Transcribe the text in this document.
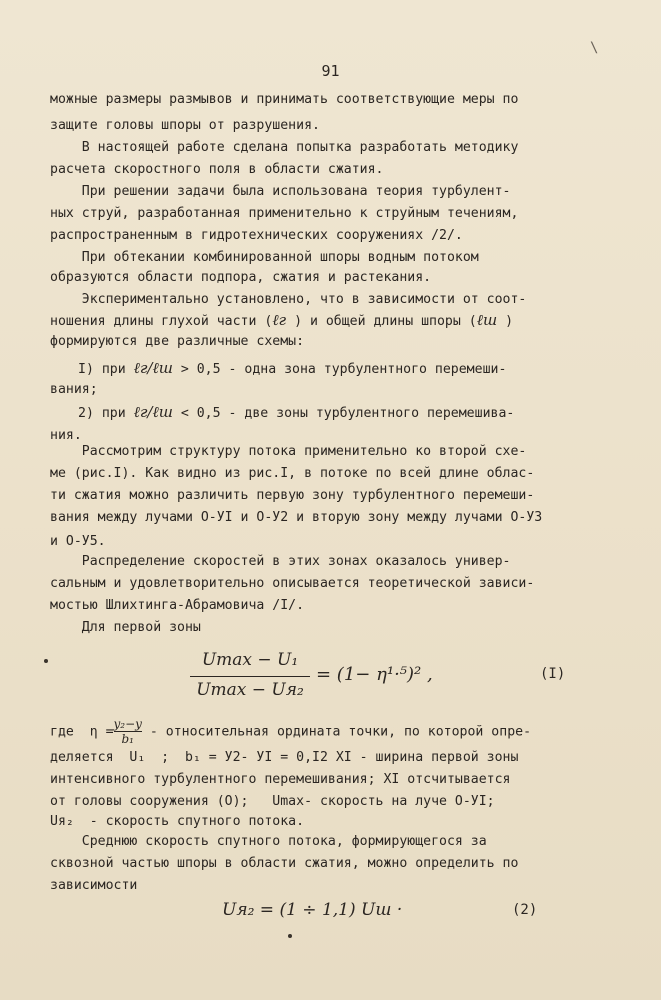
91
\
можные размеры размывов и принимать соответствующие меры по
защите головы шпоры от разрушения.
В настоящей работе сделана попытка разработать методику
расчета скоростного поля в области сжатия.
При решении задачи была использована теория турбулент-
ных струй, разработанная применительно к струйным течениям,
распространенным в гидротехнических сооружениях /2/.
При обтекании комбинированной шпоры водным потоком
образуются области подпора, сжатия и растекания.
Экспериментально установлено, что в зависимости от соот-
ношения длины глухой части (ℓг ) и общей длины шпоры (ℓш )
формируются две различные схемы:
I) при ℓг/ℓш > 0,5 - одна зона турбулентного перемеши-
вания;
2) при ℓг/ℓш < 0,5 - две зоны турбулентного перемешива-
ния.
Рассмотрим структуру потока применительно ко второй схе-
ме (рис.I). Как видно из рис.I, в потоке по всей длине облас-
ти сжатия можно различить первую зону турбулентного перемеши-
вания между лучами О-УI и О-У2 и вторую зону между лучами О-У3
и О-У5.
Распределение скоростей в этих зонах оказалось универ-
сальным и удовлетворительно описывается теоретической зависи-
мостью Шлихтинга-Абрамовича /I/.
Для первой зоны
Umax − U₁
Umax − Uя₂
= (1− η¹·⁵)² ,	(I)
где  $\eta =\frac{\text{y₂−y}}{\text{b₁}}$ - относительная ордината точки, по которой опре-
деляется  U₁  ;  b₁ = У2- УI = 0,I2 XI - ширина первой зоны
интенсивного турбулентного перемешивания; XI отсчитывается
от головы сооружения (О);   Umax- скорость на луче О-УI;
Uя₂  - скорость спутного потока.
Среднюю скорость спутного потока, формирующегося за
сквозной частью шпоры в области сжатия, можно определить по
зависимости
Uя₂ = (1 ÷ 1,1) Uш ·	(2)
